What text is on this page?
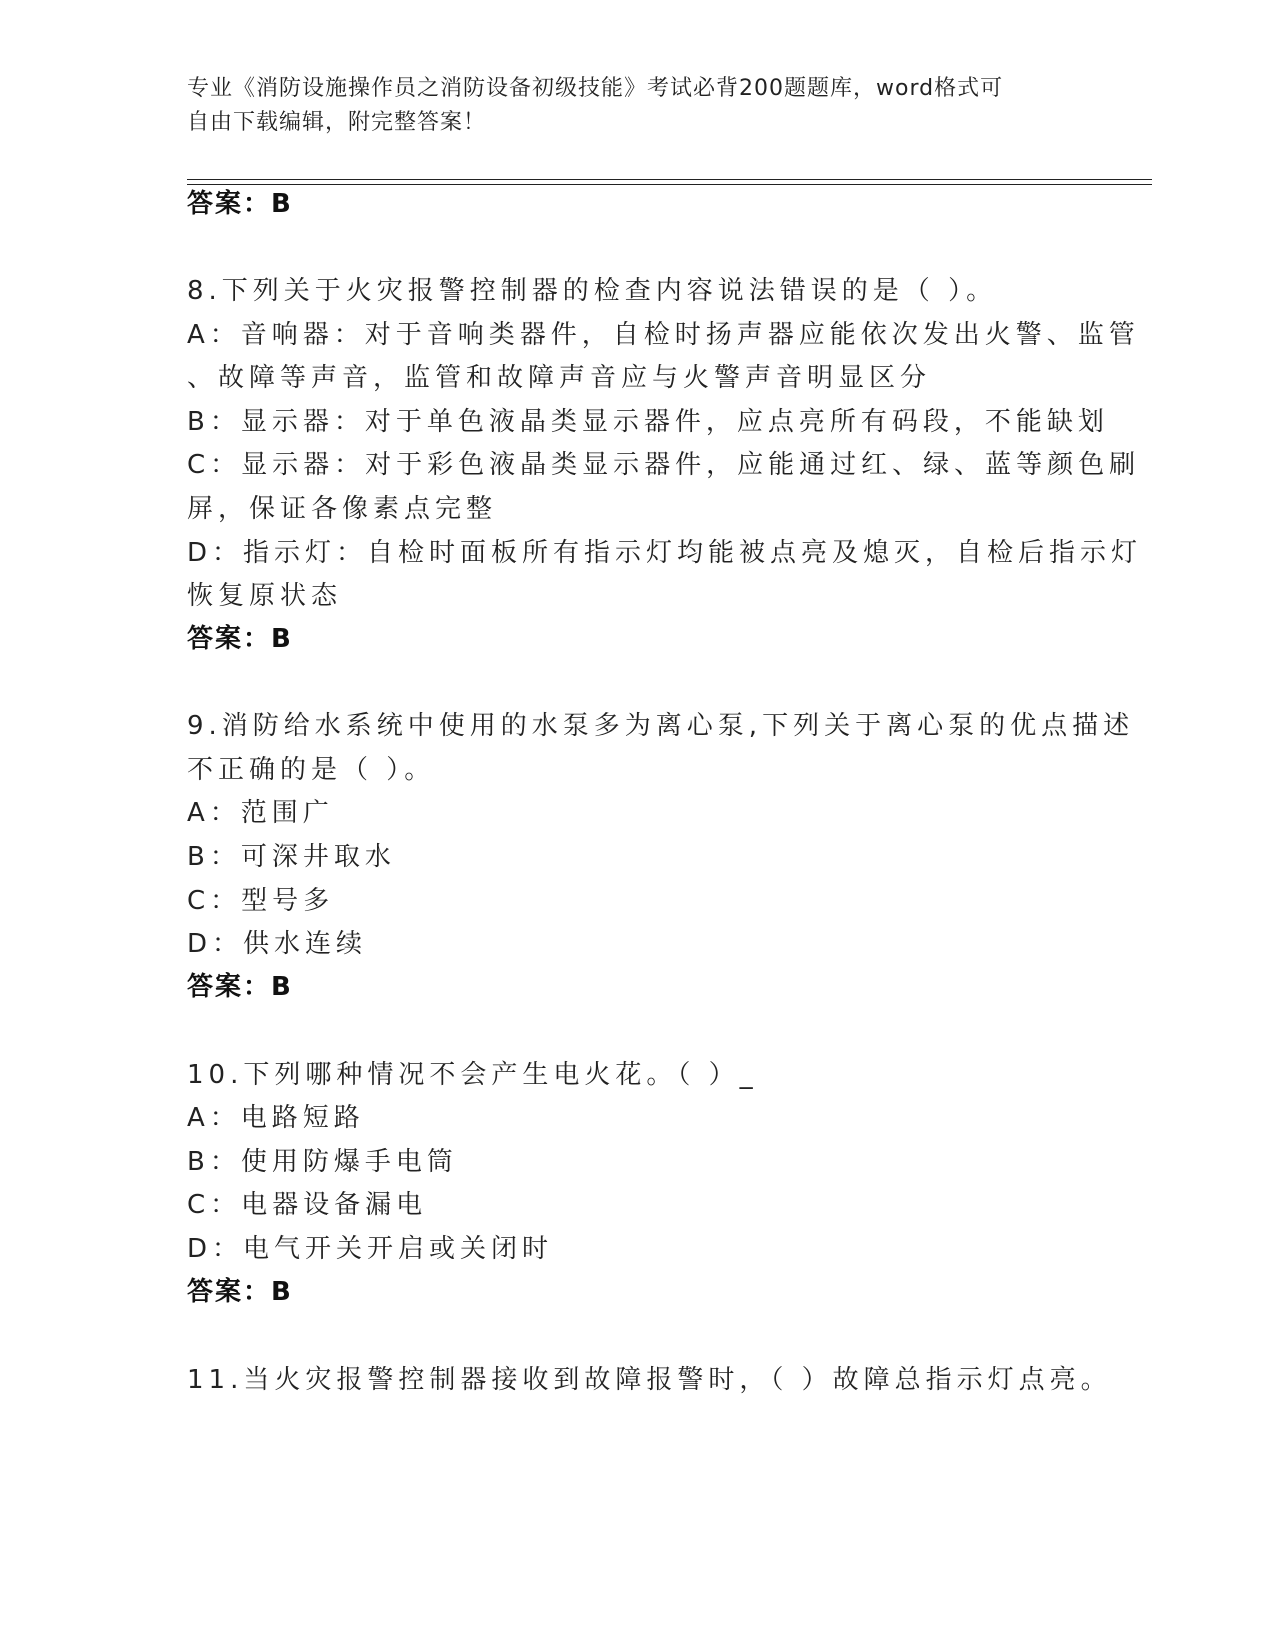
专业《消防设施操作员之消防设备初级技能》考试必背200题题库，word格式可
自由下载编辑，附完整答案！
答案：B
8.下列关于火灾报警控制器的检查内容说法错误的是（ ）。
A：音响器：对于音响类器件，自检时扬声器应能依次发出火警、监管
、故障等声音，监管和故障声音应与火警声音明显区分
B：显示器：对于单色液晶类显示器件，应点亮所有码段，不能缺划
C：显示器：对于彩色液晶类显示器件，应能通过红、绿、蓝等颜色刷
屏，保证各像素点完整
D：指示灯：自检时面板所有指示灯均能被点亮及熄灭，自检后指示灯
恢复原状态
答案：B
9.消防给水系统中使用的水泵多为离心泵,下列关于离心泵的优点描述
不正确的是（ ）。
A：范围广
B：可深井取水
C：型号多
D：供水连续
答案：B
10.下列哪种情况不会产生电火花。（ ）_
A：电路短路
B：使用防爆手电筒
C：电器设备漏电
D：电气开关开启或关闭时
答案：B
11.当火灾报警控制器接收到故障报警时，（ ）故障总指示灯点亮。
